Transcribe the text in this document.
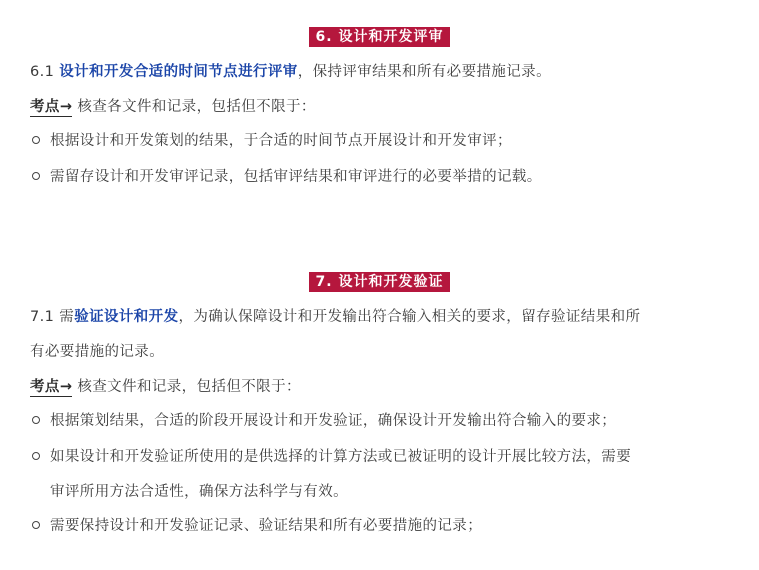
6. 设计和开发评审
6.1 设计和开发合适的时间节点进行评审，保持评审结果和所有必要措施记录。
考点→ 核查各文件和记录，包括但不限于：
根据设计和开发策划的结果，于合适的时间节点开展设计和开发审评；
需留存设计和开发审评记录，包括审评结果和审评进行的必要举措的记载。
7. 设计和开发验证
7.1 需验证设计和开发，为确认保障设计和开发输出符合输入相关的要求，留存验证结果和所
有必要措施的记录。
考点→ 核查文件和记录，包括但不限于：
根据策划结果，合适的阶段开展设计和开发验证，确保设计开发输出符合输入的要求；
如果设计和开发验证所使用的是供选择的计算方法或已被证明的设计开展比较方法，需要
审评所用方法合适性，确保方法科学与有效。
需要保持设计和开发验证记录、验证结果和所有必要措施的记录；
